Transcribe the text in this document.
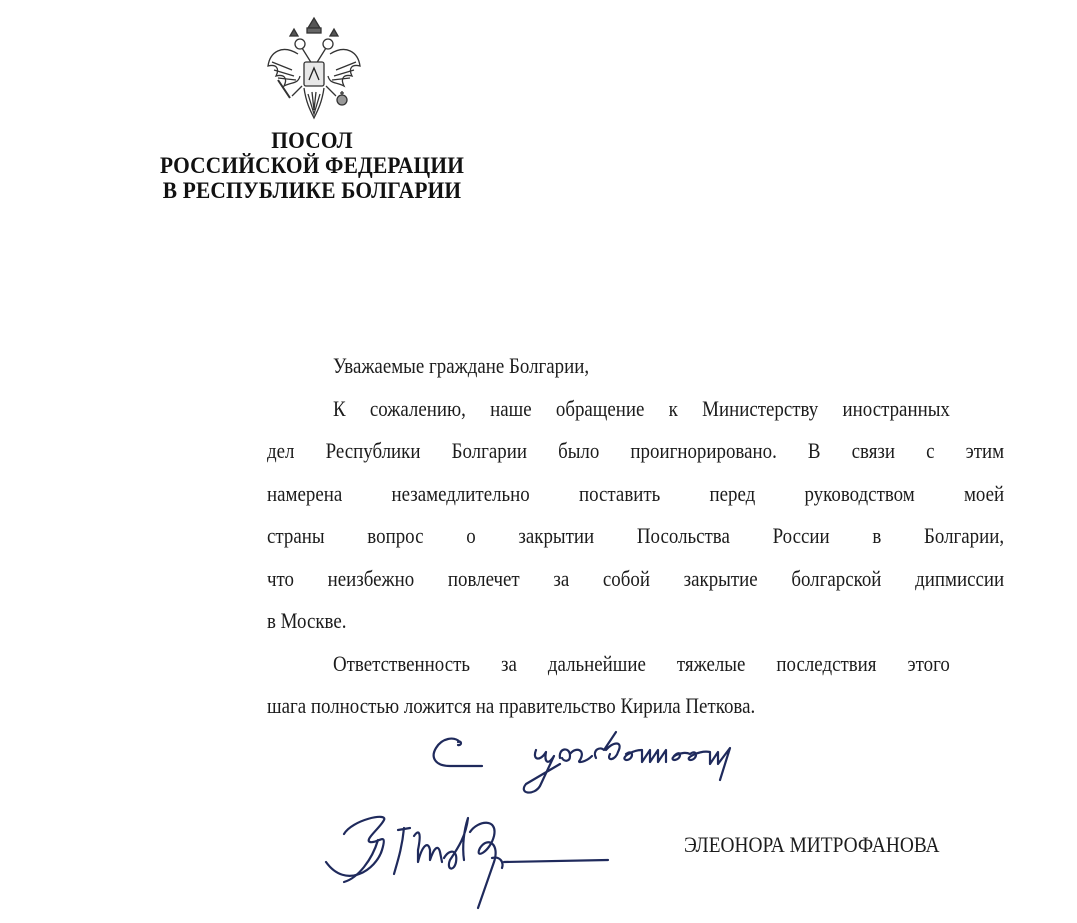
ПОСОЛ
РОССИЙСКОЙ ФЕДЕРАЦИИ
В РЕСПУБЛИКЕ БОЛГАРИИ
Уважаемые граждане Болгарии,
К сожалению, наше обращение к Министерству иностранных
дел Республики Болгарии было проигнорировано. В связи с этим
намерена незамедлительно поставить перед руководством моей
страны вопрос о закрытии Посольства России в Болгарии,
что неизбежно повлечет за собой закрытие болгарской дипмиссии
в Москве.
Ответственность за дальнейшие тяжелые последствия этого
шага полностью ложится на правительство Кирила Петкова.
ЭЛЕОНОРА МИТРОФАНОВА
